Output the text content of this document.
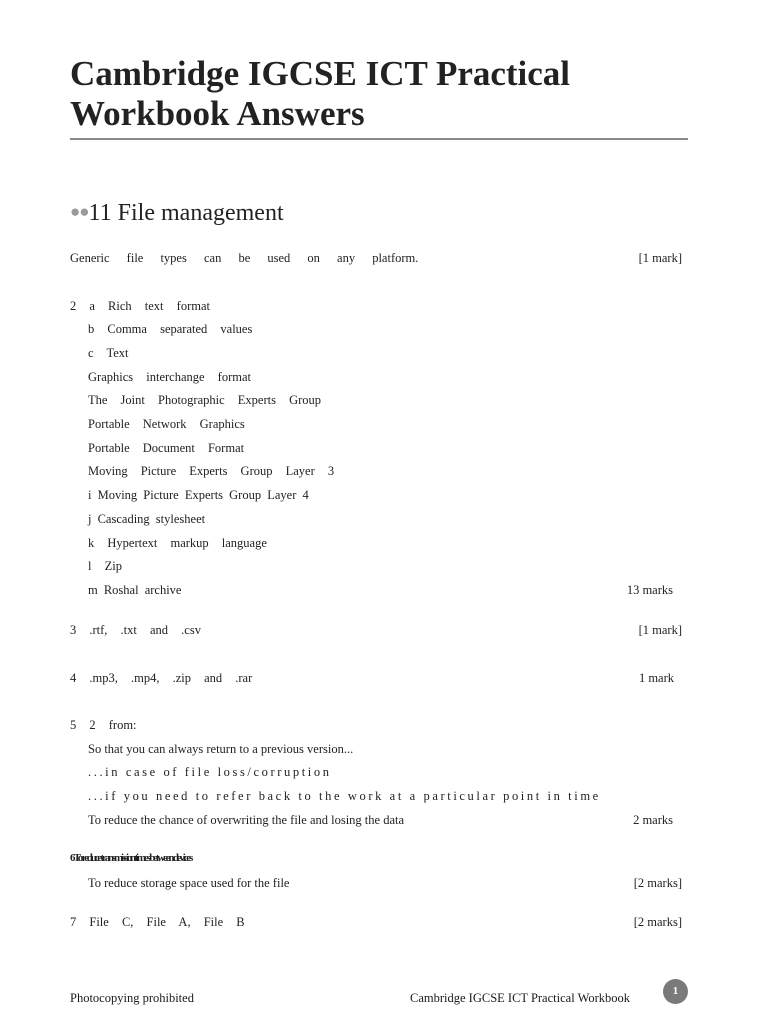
Cambridge IGCSE ICT Practical Workbook Answers
●●11 File management
Generic file types can be used on any platform.	[1 mark]
2 a Rich text format
b Comma separated values
c Text
Graphics interchange format
The Joint Photographic Experts Group
Portable Network Graphics
Portable Document Format
Moving Picture Experts Group Layer 3
i Moving Picture Experts Group Layer 4
j Cascading stylesheet
k Hypertext markup language
l Zip
m Roshal archive	13 marks
3 .rtf, .txt and .csv	[1 mark]
4 .mp3, .mp4, .zip and .rar	1 mark
5 2 from:
So that you can always return to a previous version...
...in case of file loss/corruption
...if you need to refer back to the work at a particular point in time
To reduce the chance of overwriting the file and losing the data	2 marks
6 To reduce transmission times between devices
To reduce storage space used for the file	[2 marks]
7 File C, File A, File B	[2 marks]
Photocopying prohibited	Cambridge IGCSE ICT Practical Workbook	1
